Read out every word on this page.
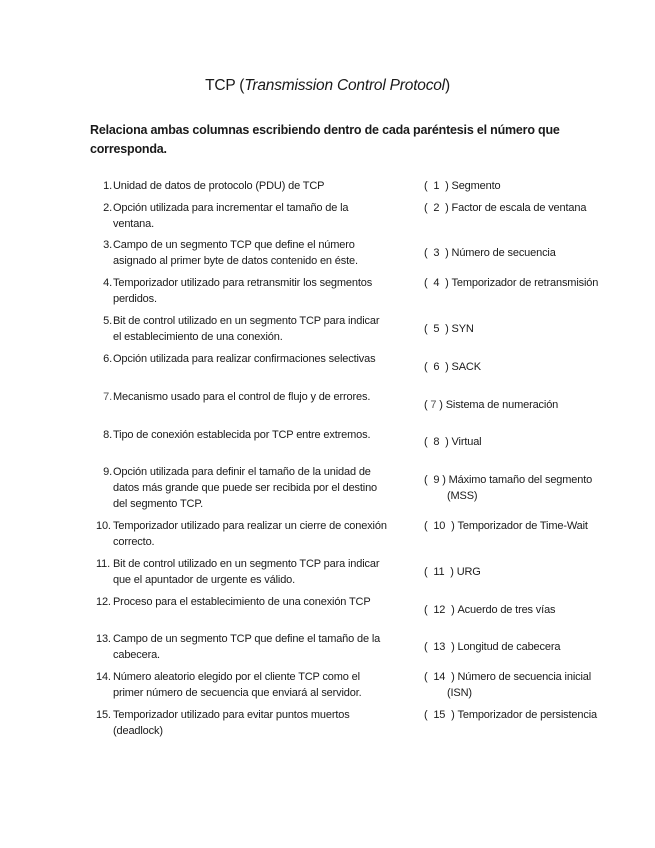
TCP (Transmission Control Protocol)
Relaciona ambas columnas escribiendo dentro de cada paréntesis el número que corresponda.
1. Unidad de datos de protocolo (PDU) de TCP	(  1  ) Segmento
2. Opción utilizada para incrementar el tamaño de la ventana.
(  2  ) Factor de escala de ventana
3. Campo de un segmento TCP que define el número asignado al primer byte de datos contenido en éste.
(  3  ) Número de secuencia
4. Temporizador utilizado para retransmitir los segmentos perdidos.
(  4  ) Temporizador de retransmisión
5. Bit de control utilizado en un segmento TCP para indicar el establecimiento de una conexión.
(  5  ) SYN
6. Opción utilizada para realizar confirmaciones selectivas
(  6  ) SACK
7. Mecanismo usado para el control de flujo y de errores.
( 7 ) Sistema de numeración
8. Tipo de conexión establecida por TCP entre extremos.
(  8  ) Virtual
9. Opción utilizada para definir el tamaño de la unidad de datos más grande que puede ser recibida por el destino del segmento TCP.
(  9 ) Máximo tamaño del segmento (MSS)
10. Temporizador utilizado para realizar un cierre de conexión correcto.
(  10  ) Temporizador de Time-Wait
11. Bit de control utilizado en un segmento TCP para indicar que el apuntador de urgente es válido.
(  11  ) URG
12. Proceso para el establecimiento de una conexión TCP
(  12  ) Acuerdo de tres vías
13. Campo de un segmento TCP que define el tamaño de la cabecera.
(  13  ) Longitud de cabecera
14. Número aleatorio elegido por el cliente TCP como el primer número de secuencia que enviará al servidor.
(  14  ) Número de secuencia inicial (ISN)
15. Temporizador utilizado para evitar puntos muertos (deadlock)
(  15  ) Temporizador de persistencia
